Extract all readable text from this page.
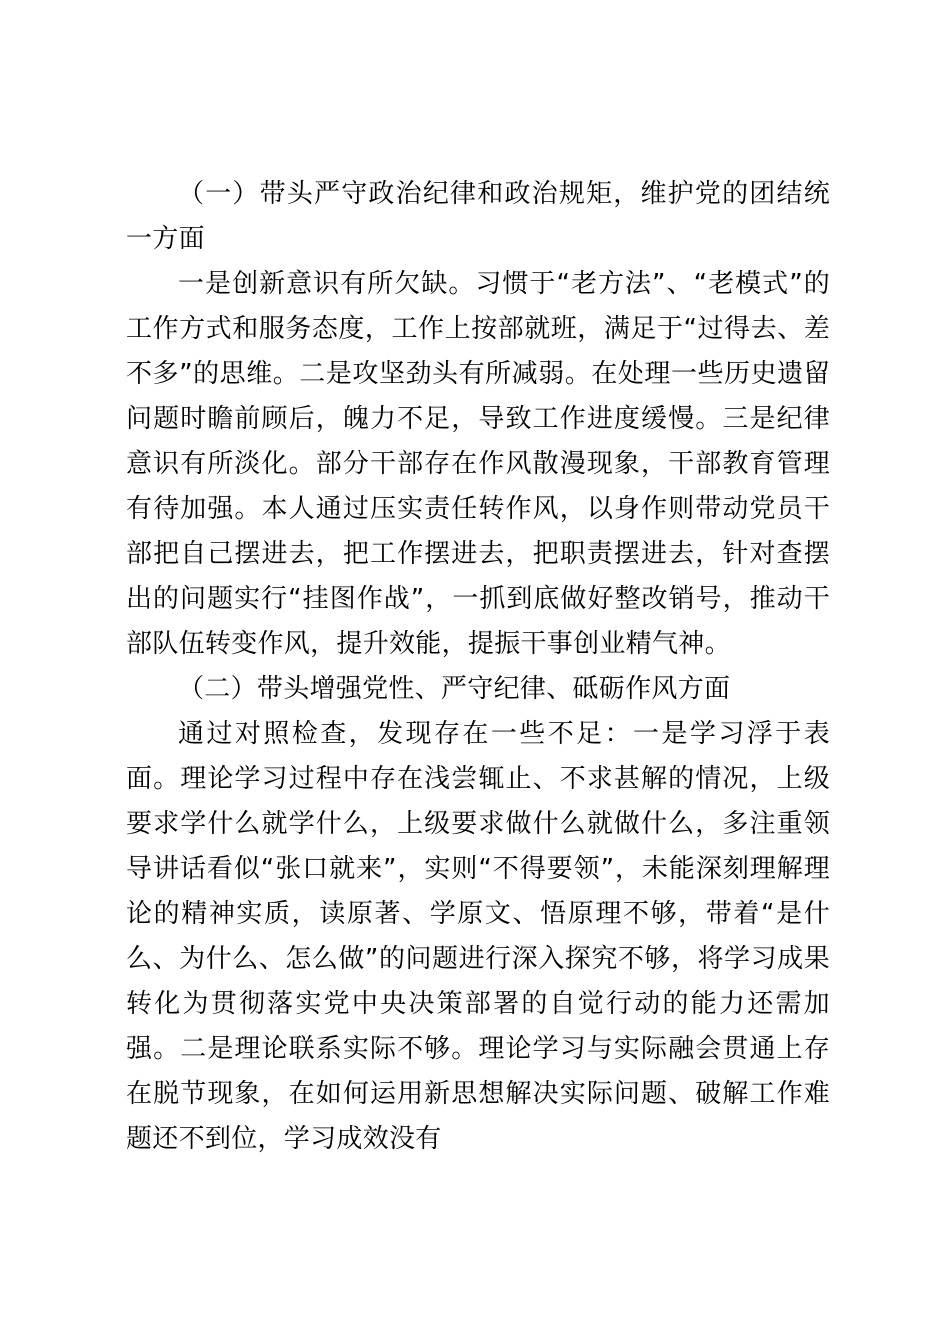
（一）带头严守政治纪律和政治规矩，维护党的团结统一方面

一是创新意识有所欠缺。习惯于“老方法”、“老模式”的工作方式和服务态度，工作上按部就班，满足于“过得去、差不多”的思维。二是攻坚劲头有所减弱。在处理一些历史遗留问题时瞻前顾后，魄力不足，导致工作进度缓慢。三是纪律意识有所淡化。部分干部存在作风散漫现象，干部教育管理有待加强。本人通过压实责任转作风，以身作则带动党员干部把自己摆进去，把工作摆进去，把职责摆进去，针对查摆出的问题实行“挂图作战”，一抓到底做好整改销号，推动干部队伍转变作风，提升效能，提振干事创业精气神。

（二）带头增强党性、严守纪律、砥砺作风方面

通过对照检查，发现存在一些不足：一是学习浮于表面。理论学习过程中存在浅尝辄止、不求甚解的情况，上级要求学什么就学什么，上级要求做什么就做什么，多注重领导讲话看似“张口就来”，实则“不得要领”，未能深刻理解理论的精神实质，读原著、学原文、悟原理不够，带着“是什么、为什么、怎么做”的问题进行深入探究不够，将学习成果转化为贯彻落实党中央决策部署的自觉行动的能力还需加强。二是理论联系实际不够。理论学习与实际融会贯通上存在脱节现象，在如何运用新思想解决实际问题、破解工作难题还不到位，学习成效没有
